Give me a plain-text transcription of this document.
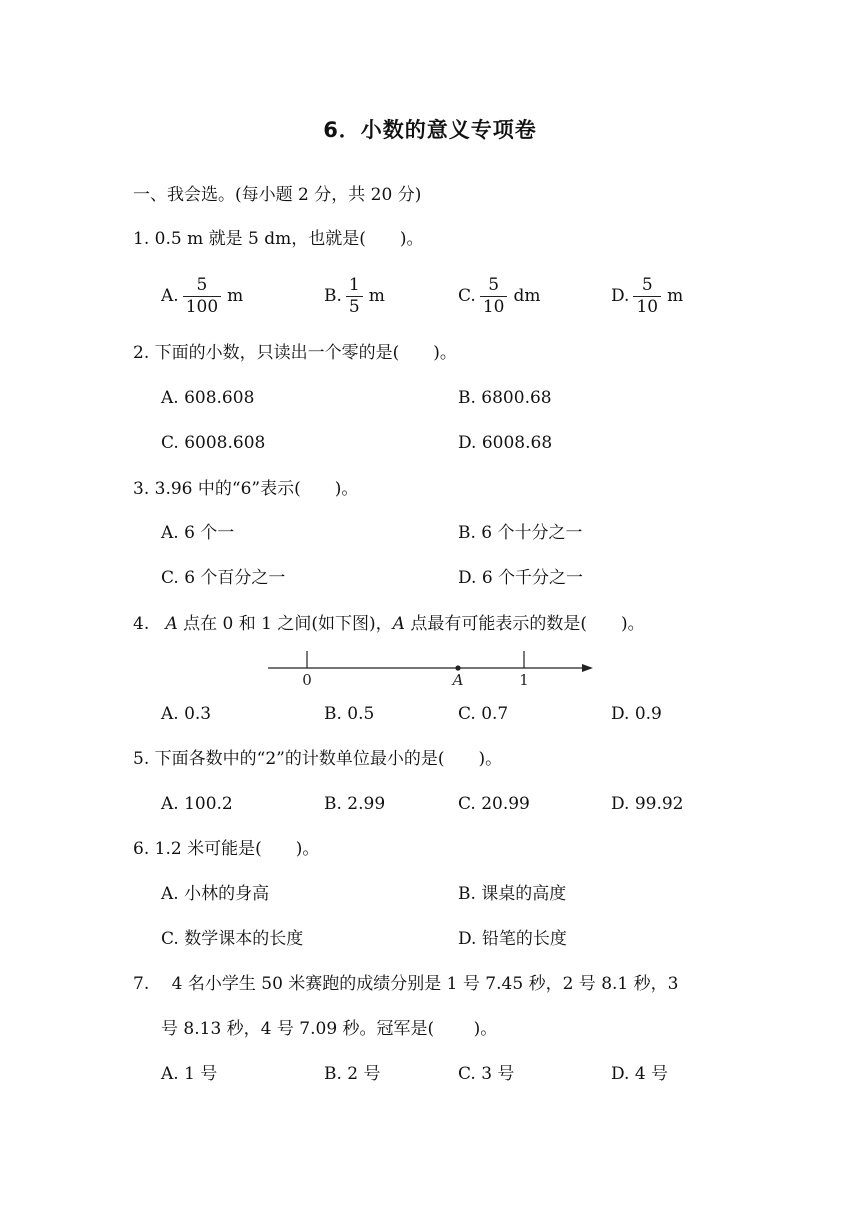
6．小数的意义专项卷
一、我会选。(每小题 2 分，共 20 分)
1. 0.5 m 就是 5 dm，也就是(　　)。
A. $\frac{5}{100}$ m	B. $\frac{1}{5}$ m	C. $\frac{5}{10}$ dm	D. $\frac{5}{10}$ m
2. 下面的小数，只读出一个零的是(　　)。
A. 608.608	B. 6800.68
C. 6008.608	D. 6008.68
3. 3.96 中的“6”表示(　　)。
A. 6 个一	B. 6 个十分之一
C. 6 个百分之一	D. 6 个千分之一
4. A 点在 0 和 1 之间(如下图)，A 点最有可能表示的数是(　　)。
0	1
A
A. 0.3	B. 0.5	C. 0.7	D. 0.9
5. 下面各数中的“2”的计数单位最小的是(　　)。
A. 100.2	B. 2.99	C. 20.99	D. 99.92
6. 1.2 米可能是(　　)。
A. 小林的身高	B. 课桌的高度
C. 数学课本的长度	D. 铅笔的长度
7.　 4 名小学生 50 米赛跑的成绩分别是 1 号 7.45 秒，2 号 8.1 秒，3
号 8.13 秒，4 号 7.09 秒。冠军是(　　 )。
A. 1 号	B. 2 号	C. 3 号	D. 4 号
